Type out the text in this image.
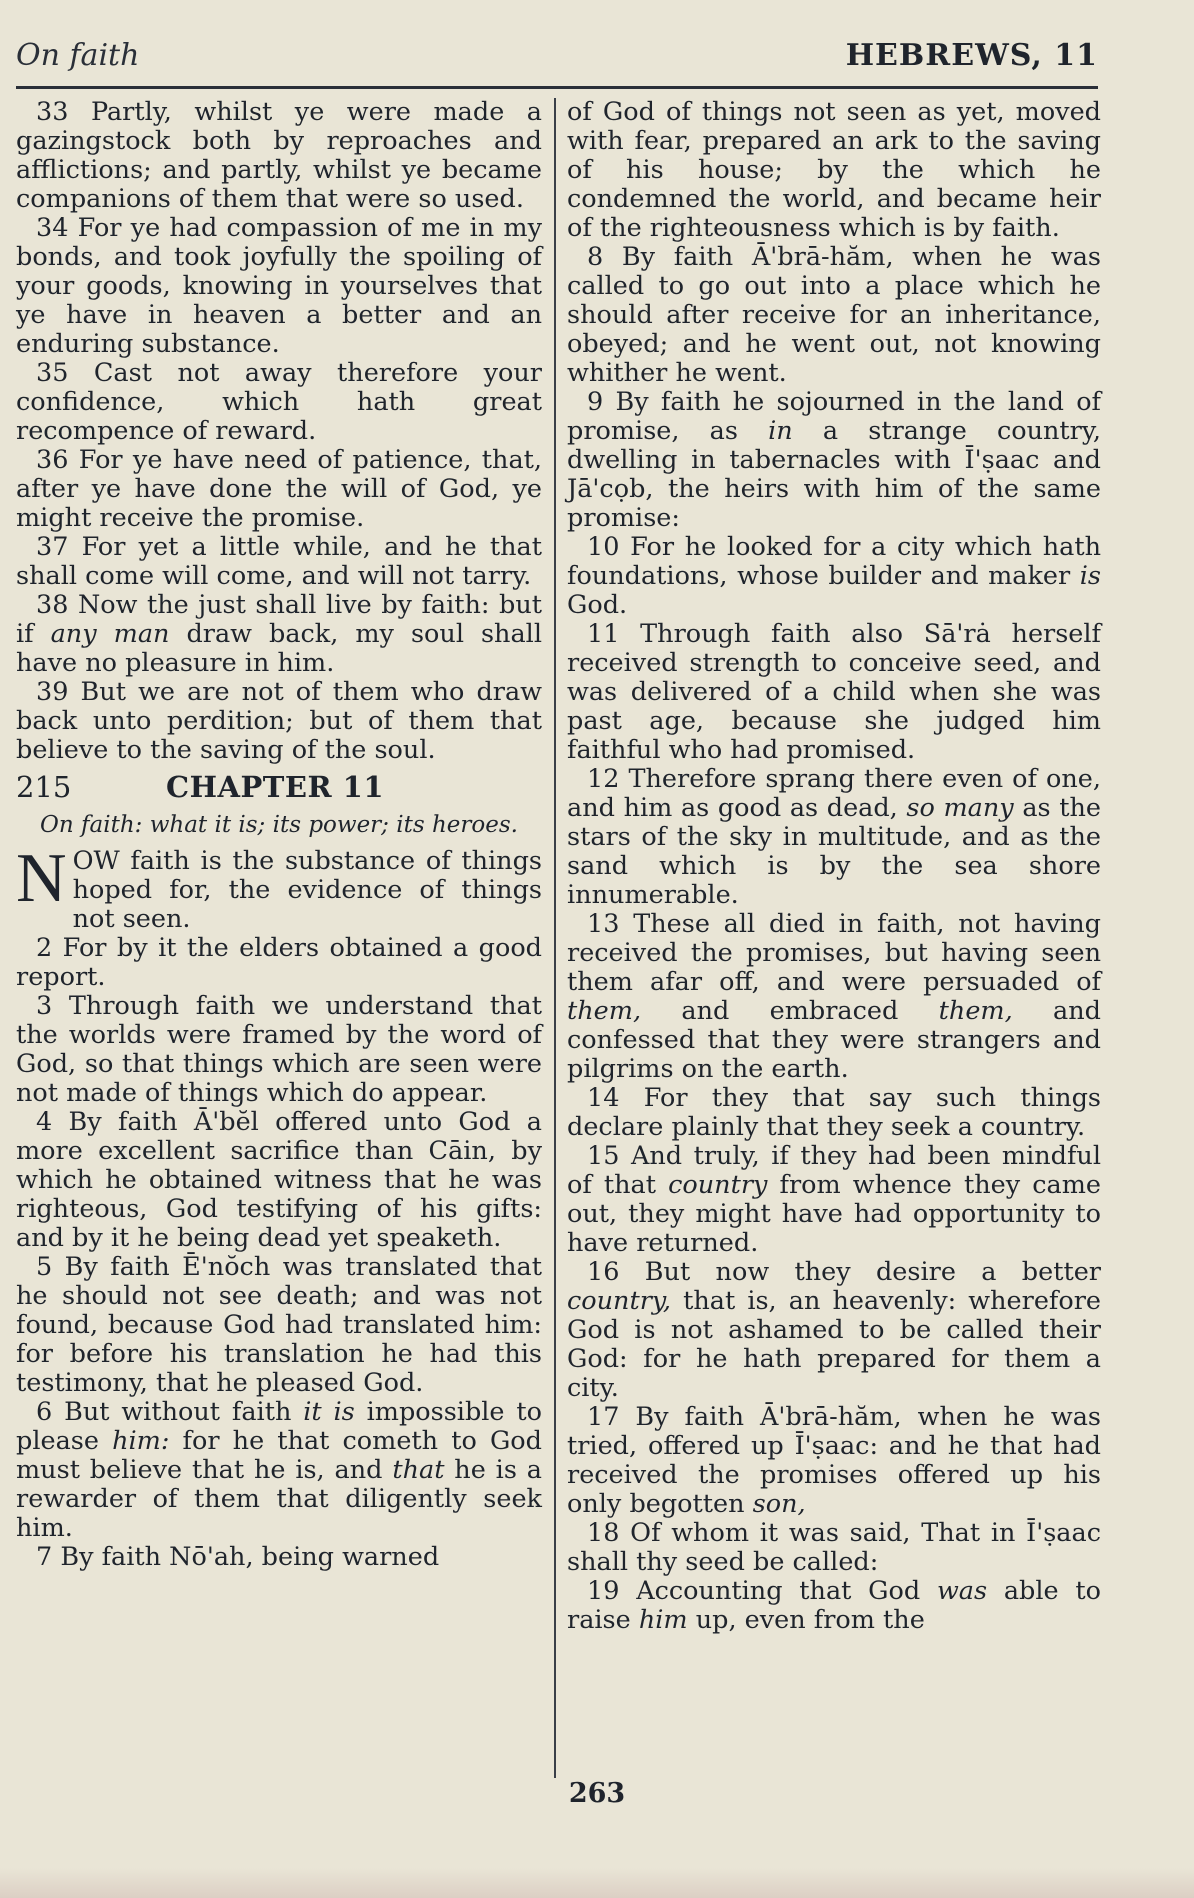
On faith	HEBREWS, 11

33 Partly, whilst ye were made a gazingstock both by reproaches and afflictions; and partly, whilst ye became companions of them that were so used.

34 For ye had compassion of me in my bonds, and took joyfully the spoiling of your goods, knowing in yourselves that ye have in heaven a better and an enduring substance.

35 Cast not away therefore your confidence, which hath great recompence of reward.

36 For ye have need of patience, that, after ye have done the will of God, ye might receive the promise.

37 For yet a little while, and he that shall come will come, and will not tarry.

38 Now the just shall live by faith: but if any man draw back, my soul shall have no pleasure in him.

39 But we are not of them who draw back unto perdition; but of them that believe to the saving of the soul.

215	CHAPTER 11

On faith: what it is; its power; its heroes.

NOW faith is the substance of things hoped for, the evidence of things not seen.

2 For by it the elders obtained a good report.

3 Through faith we understand that the worlds were framed by the word of God, so that things which are seen were not made of things which do appear.

4 By faith Ā'bĕl offered unto God a more excellent sacrifice than Cāin, by which he obtained witness that he was righteous, God testifying of his gifts: and by it he being dead yet speaketh.

5 By faith Ē'nŏch was translated that he should not see death; and was not found, because God had translated him: for before his translation he had this testimony, that he pleased God.

6 But without faith it is impossible to please him: for he that cometh to God must believe that he is, and that he is a rewarder of them that diligently seek him.

7 By faith Nō'ah, being warned

of God of things not seen as yet, moved with fear, prepared an ark to the saving of his house; by the which he condemned the world, and became heir of the righteousness which is by faith.

8 By faith Ā'brā-hăm, when he was called to go out into a place which he should after receive for an inheritance, obeyed; and he went out, not knowing whither he went.

9 By faith he sojourned in the land of promise, as in a strange country, dwelling in tabernacles with Ī'ṣaac and Jā'cọb, the heirs with him of the same promise:

10 For he looked for a city which hath foundations, whose builder and maker is God.

11 Through faith also Sā'rȧ herself received strength to conceive seed, and was delivered of a child when she was past age, because she judged him faithful who had promised.

12 Therefore sprang there even of one, and him as good as dead, so many as the stars of the sky in multitude, and as the sand which is by the sea shore innumerable.

13 These all died in faith, not having received the promises, but having seen them afar off, and were persuaded of them, and embraced them, and confessed that they were strangers and pilgrims on the earth.

14 For they that say such things declare plainly that they seek a country.

15 And truly, if they had been mindful of that country from whence they came out, they might have had opportunity to have returned.

16 But now they desire a better country, that is, an heavenly: wherefore God is not ashamed to be called their God: for he hath prepared for them a city.

17 By faith Ā'brā-hăm, when he was tried, offered up Ī'ṣaac: and he that had received the promises offered up his only begotten son,

18 Of whom it was said, That in Ī'ṣaac shall thy seed be called:

19 Accounting that God was able to raise him up, even from the

263
